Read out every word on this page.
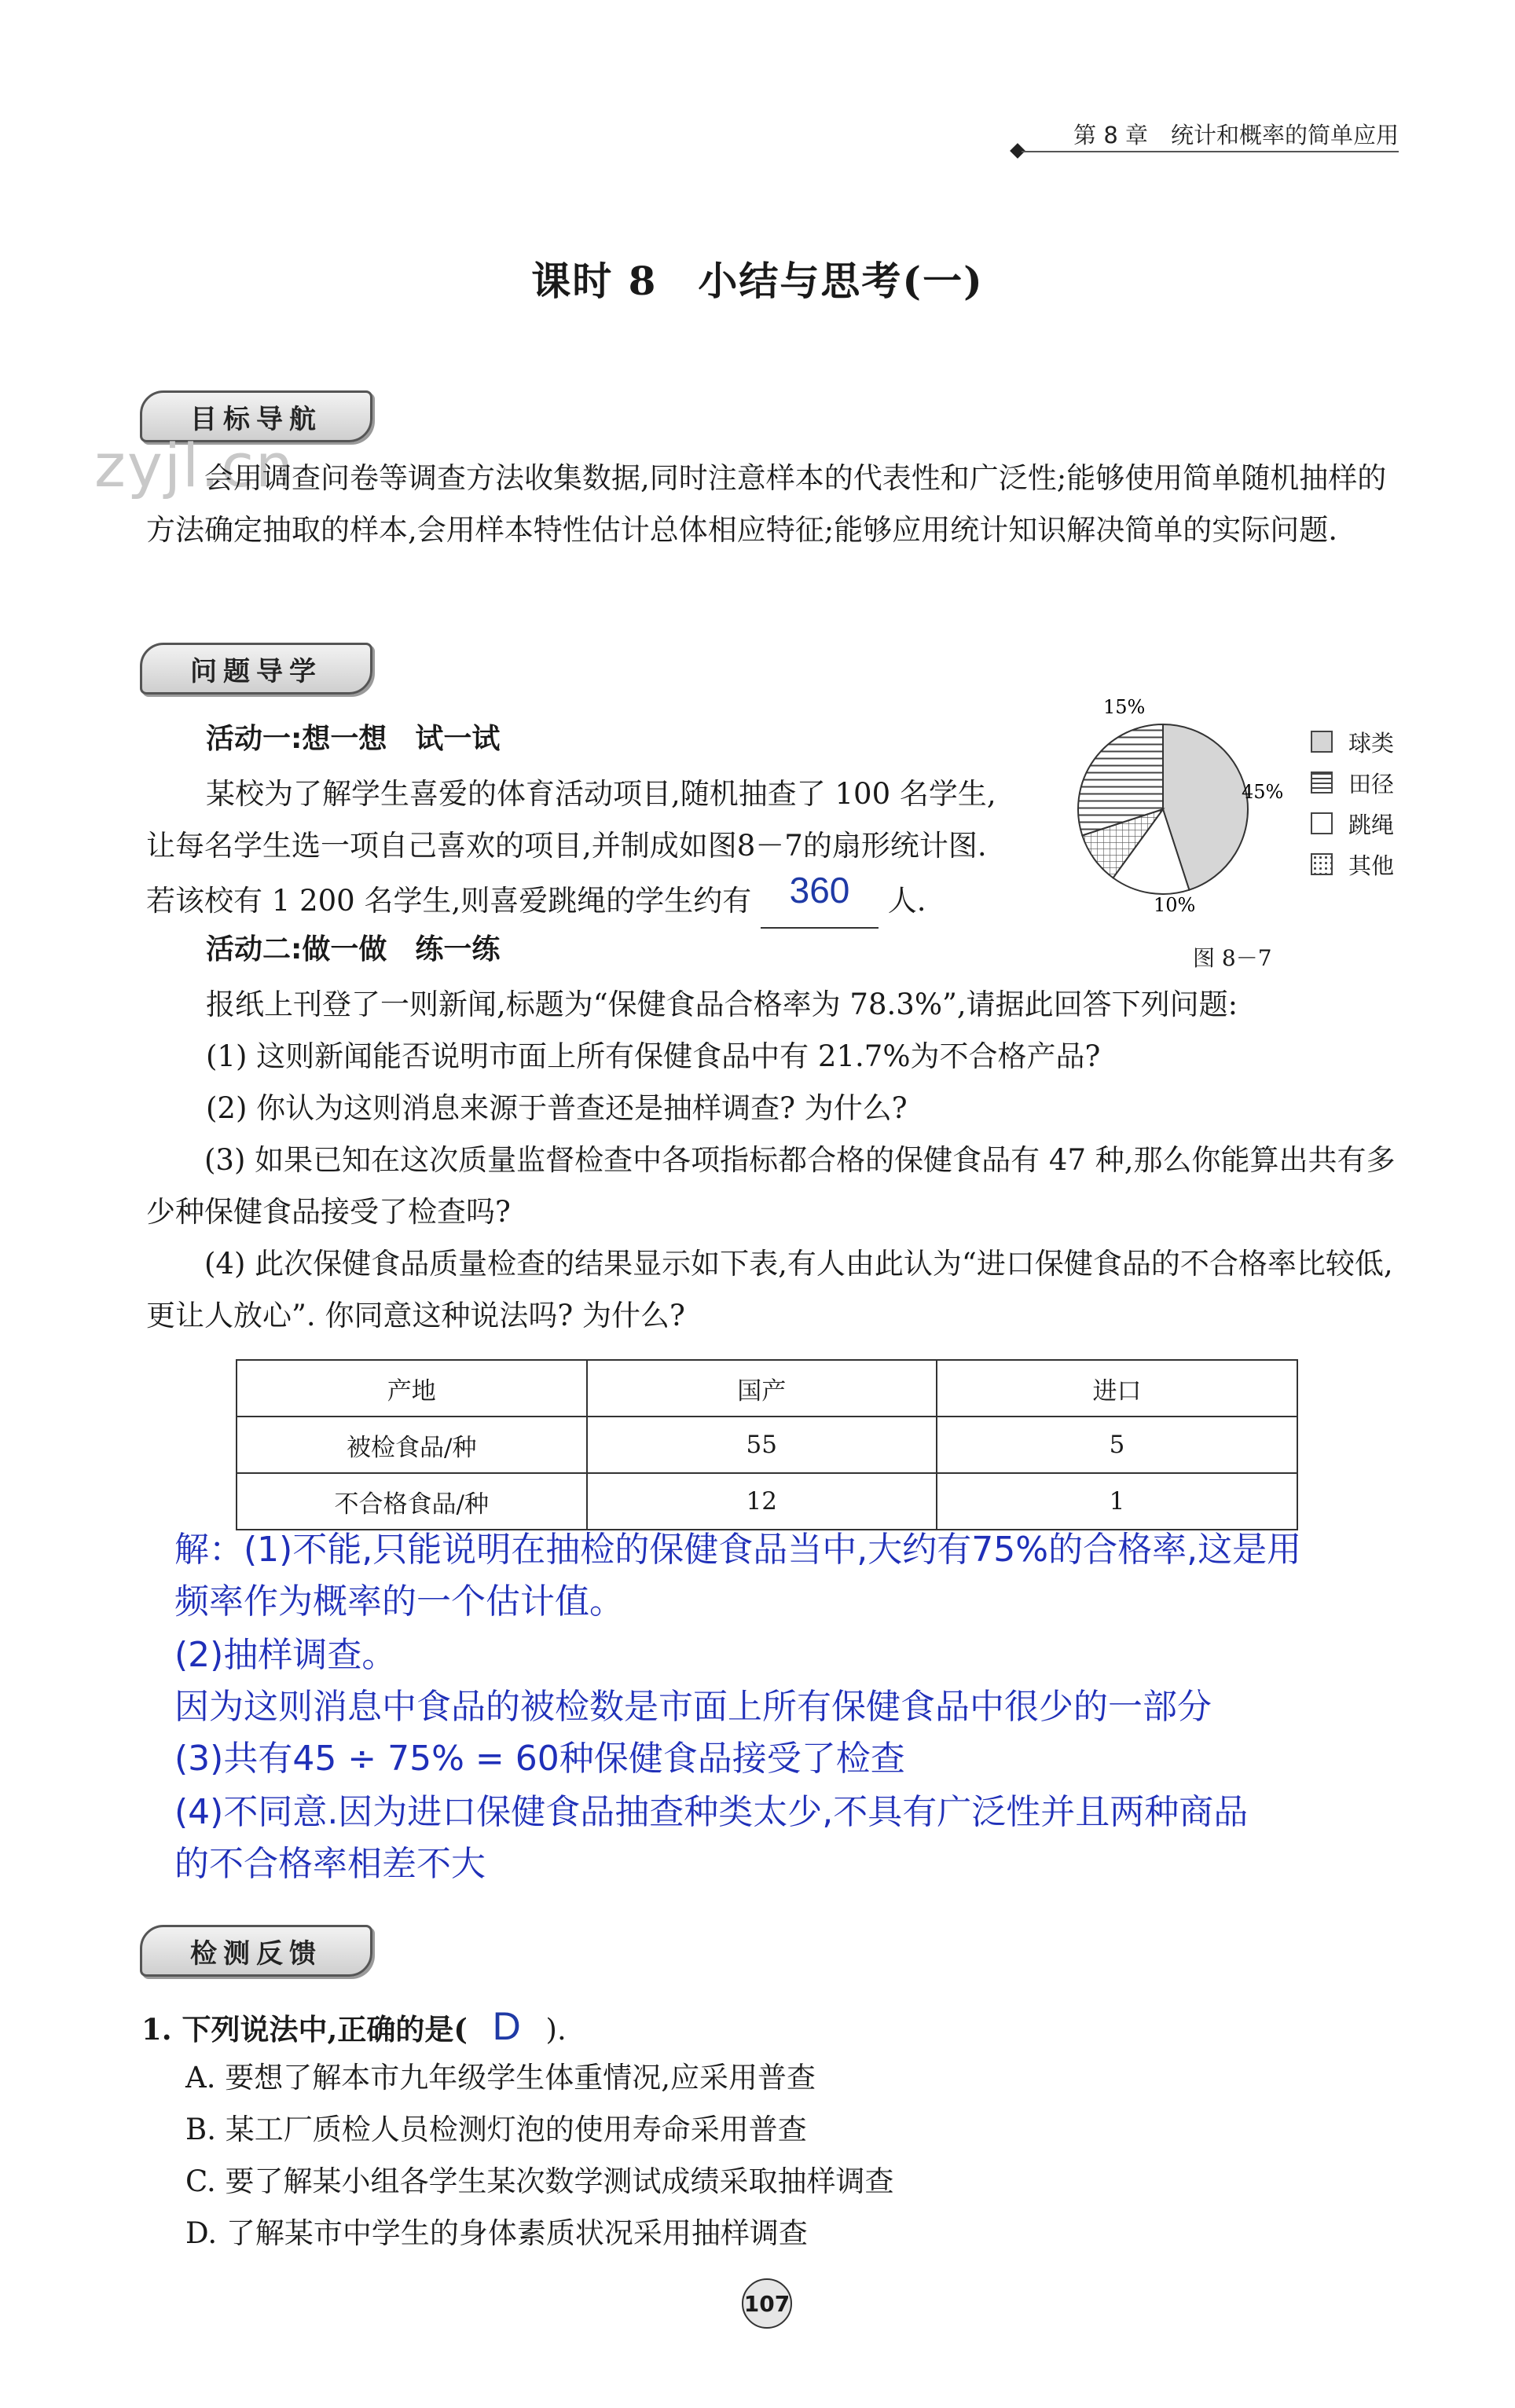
第 8 章　统计和概率的简单应用
课时 8　小结与思考(一)
目标导航
zyjl.cn
会用调查问卷等调查方法收集数据,同时注意样本的代表性和广泛性;能够使用简单随机抽样的方法确定抽取的样本,会用样本特性估计总体相应特征;能够应用统计知识解决简单的实际问题.
问题导学
活动一:想一想　试一试
某校为了解学生喜爱的体育活动项目,随机抽查了 100 名学生,
让每名学生选一项自己喜欢的项目,并制成如图8－7的扇形统计图.
若该校有 1 200 名学生,则喜爱跳绳的学生约有 360 人.
15%
45%
10%
球类
田径
跳绳
其他
图 8－7
活动二:做一做　练一练
报纸上刊登了一则新闻,标题为“保健食品合格率为 78.3%”,请据此回答下列问题:
(1) 这则新闻能否说明市面上所有保健食品中有 21.7%为不合格产品?
(2) 你认为这则消息来源于普查还是抽样调查? 为什么?
(3) 如果已知在这次质量监督检查中各项指标都合格的保健食品有 47 种,那么你能算出共有多少种保健食品接受了检查吗?
(4) 此次保健食品质量检查的结果显示如下表,有人由此认为“进口保健食品的不合格率比较低,更让人放心”. 你同意这种说法吗? 为什么?
产地	国产	进口
被检食品/种	55	5
不合格食品/种	12	1
解：(1)不能,只能说明在抽检的保健食品当中,大约有75%的合格率,这是用
频率作为概率的一个估计值。
(2)抽样调查。
因为这则消息中食品的被检数是市面上所有保健食品中很少的一部分
(3)共有45 ÷ 75% = 60种保健食品接受了检查
(4)不同意.因为进口保健食品抽查种类太少,不具有广泛性并且两种商品
的不合格率相差不大
检测反馈
1. 下列说法中,正确的是( D ).
A. 要想了解本市九年级学生体重情况,应采用普查
B. 某工厂质检人员检测灯泡的使用寿命采用普查
C. 要了解某小组各学生某次数学测试成绩采取抽样调查
D. 了解某市中学生的身体素质状况采用抽样调查
107
